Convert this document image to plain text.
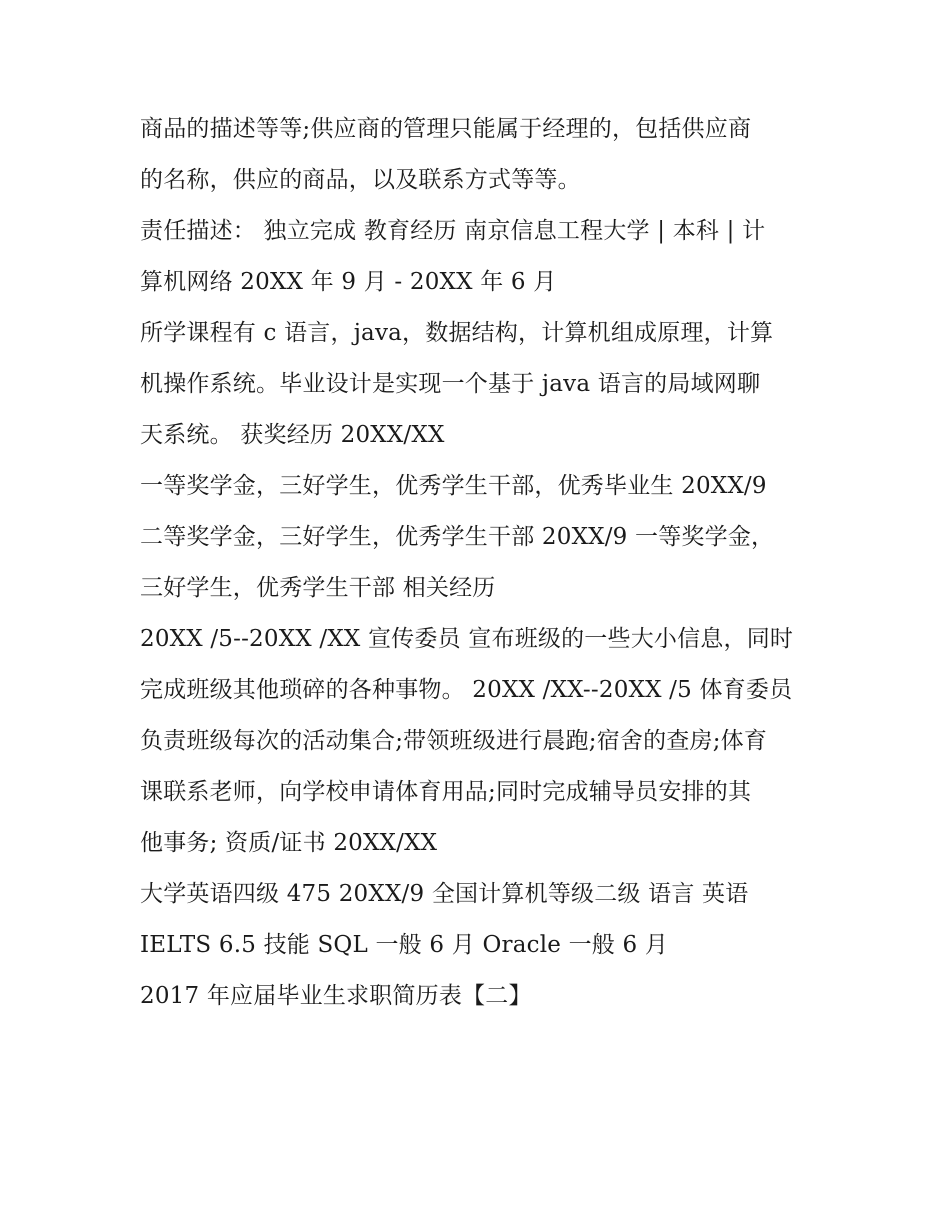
商品的描述等等;供应商的管理只能属于经理的，包括供应商
的名称，供应的商品，以及联系方式等等。
责任描述： 独立完成 教育经历 南京信息工程大学 | 本科 | 计
算机网络 20XX 年 9 月 - 20XX 年 6 月
所学课程有 c 语言，java，数据结构，计算机组成原理，计算
机操作系统。毕业设计是实现一个基于 java 语言的局域网聊
天系统。 获奖经历 20XX/XX
一等奖学金，三好学生，优秀学生干部，优秀毕业生 20XX/9
二等奖学金，三好学生，优秀学生干部 20XX/9 一等奖学金，
三好学生，优秀学生干部 相关经历
20XX /5--20XX /XX 宣传委员 宣布班级的一些大小信息，同时
完成班级其他琐碎的各种事物。 20XX /XX--20XX /5 体育委员
负责班级每次的活动集合;带领班级进行晨跑;宿舍的查房;体育
课联系老师，向学校申请体育用品;同时完成辅导员安排的其
他事务; 资质/证书 20XX/XX
大学英语四级 475 20XX/9 全国计算机等级二级 语言 英语
IELTS 6.5 技能 SQL 一般 6 月 Oracle 一般 6 月
2017 年应届毕业生求职简历表【二】
